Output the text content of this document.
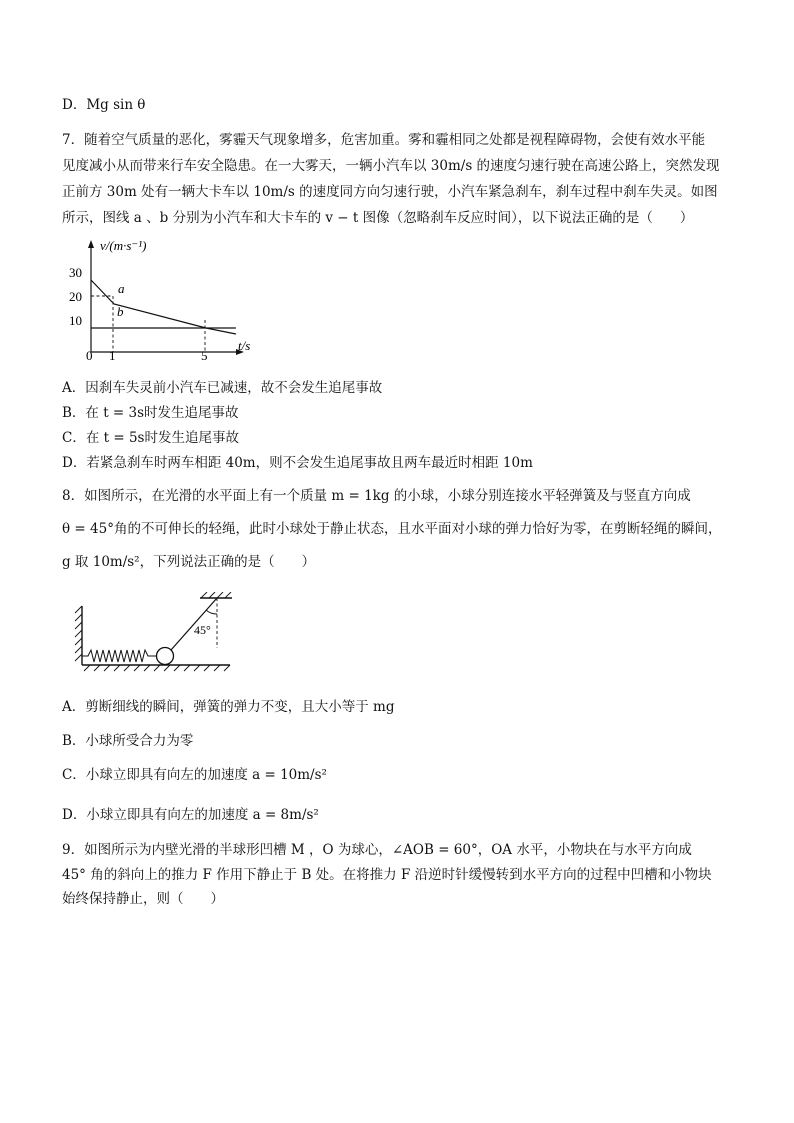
D．Mg sin θ
7．随着空气质量的恶化，雾霾天气现象增多，危害加重。雾和霾相同之处都是视程障碍物，会使有效水平能
见度减小从而带来行车安全隐患。在一大雾天，一辆小汽车以 30m/s 的速度匀速行驶在高速公路上，突然发现
正前方 30m 处有一辆大卡车以 10m/s 的速度同方向匀速行驶，小汽车紧急刹车，刹车过程中刹车失灵。如图
所示，图线 a 、b 分别为小汽车和大卡车的 v − t 图像（忽略刹车反应时间），以下说法正确的是（　　）
v/(m·s⁻¹)
t/s
0
30
20
10
1	5
a
b
A．因刹车失灵前小汽车已减速，故不会发生追尾事故
B．在 t = 3s时发生追尾事故
C．在 t = 5s时发生追尾事故
D．若紧急刹车时两车相距 40m，则不会发生追尾事故且两车最近时相距 10m
8．如图所示，在光滑的水平面上有一个质量 m = 1kg 的小球，小球分别连接水平轻弹簧及与竖直方向成
θ = 45°角的不可伸长的轻绳，此时小球处于静止状态，且水平面对小球的弹力恰好为零，在剪断轻绳的瞬间，
g 取 10m/s²，下列说法正确的是（　　）
45°
A．剪断细线的瞬间，弹簧的弹力不变，且大小等于 mg
B．小球所受合力为零
C．小球立即具有向左的加速度 a = 10m/s²
D．小球立即具有向左的加速度 a = 8m/s²
9．如图所示为内壁光滑的半球形凹槽 M ，O 为球心，∠AOB = 60°，OA 水平，小物块在与水平方向成
45° 角的斜向上的推力 F 作用下静止于 B 处。在将推力 F 沿逆时针缓慢转到水平方向的过程中凹槽和小物块
始终保持静止，则（　　）
